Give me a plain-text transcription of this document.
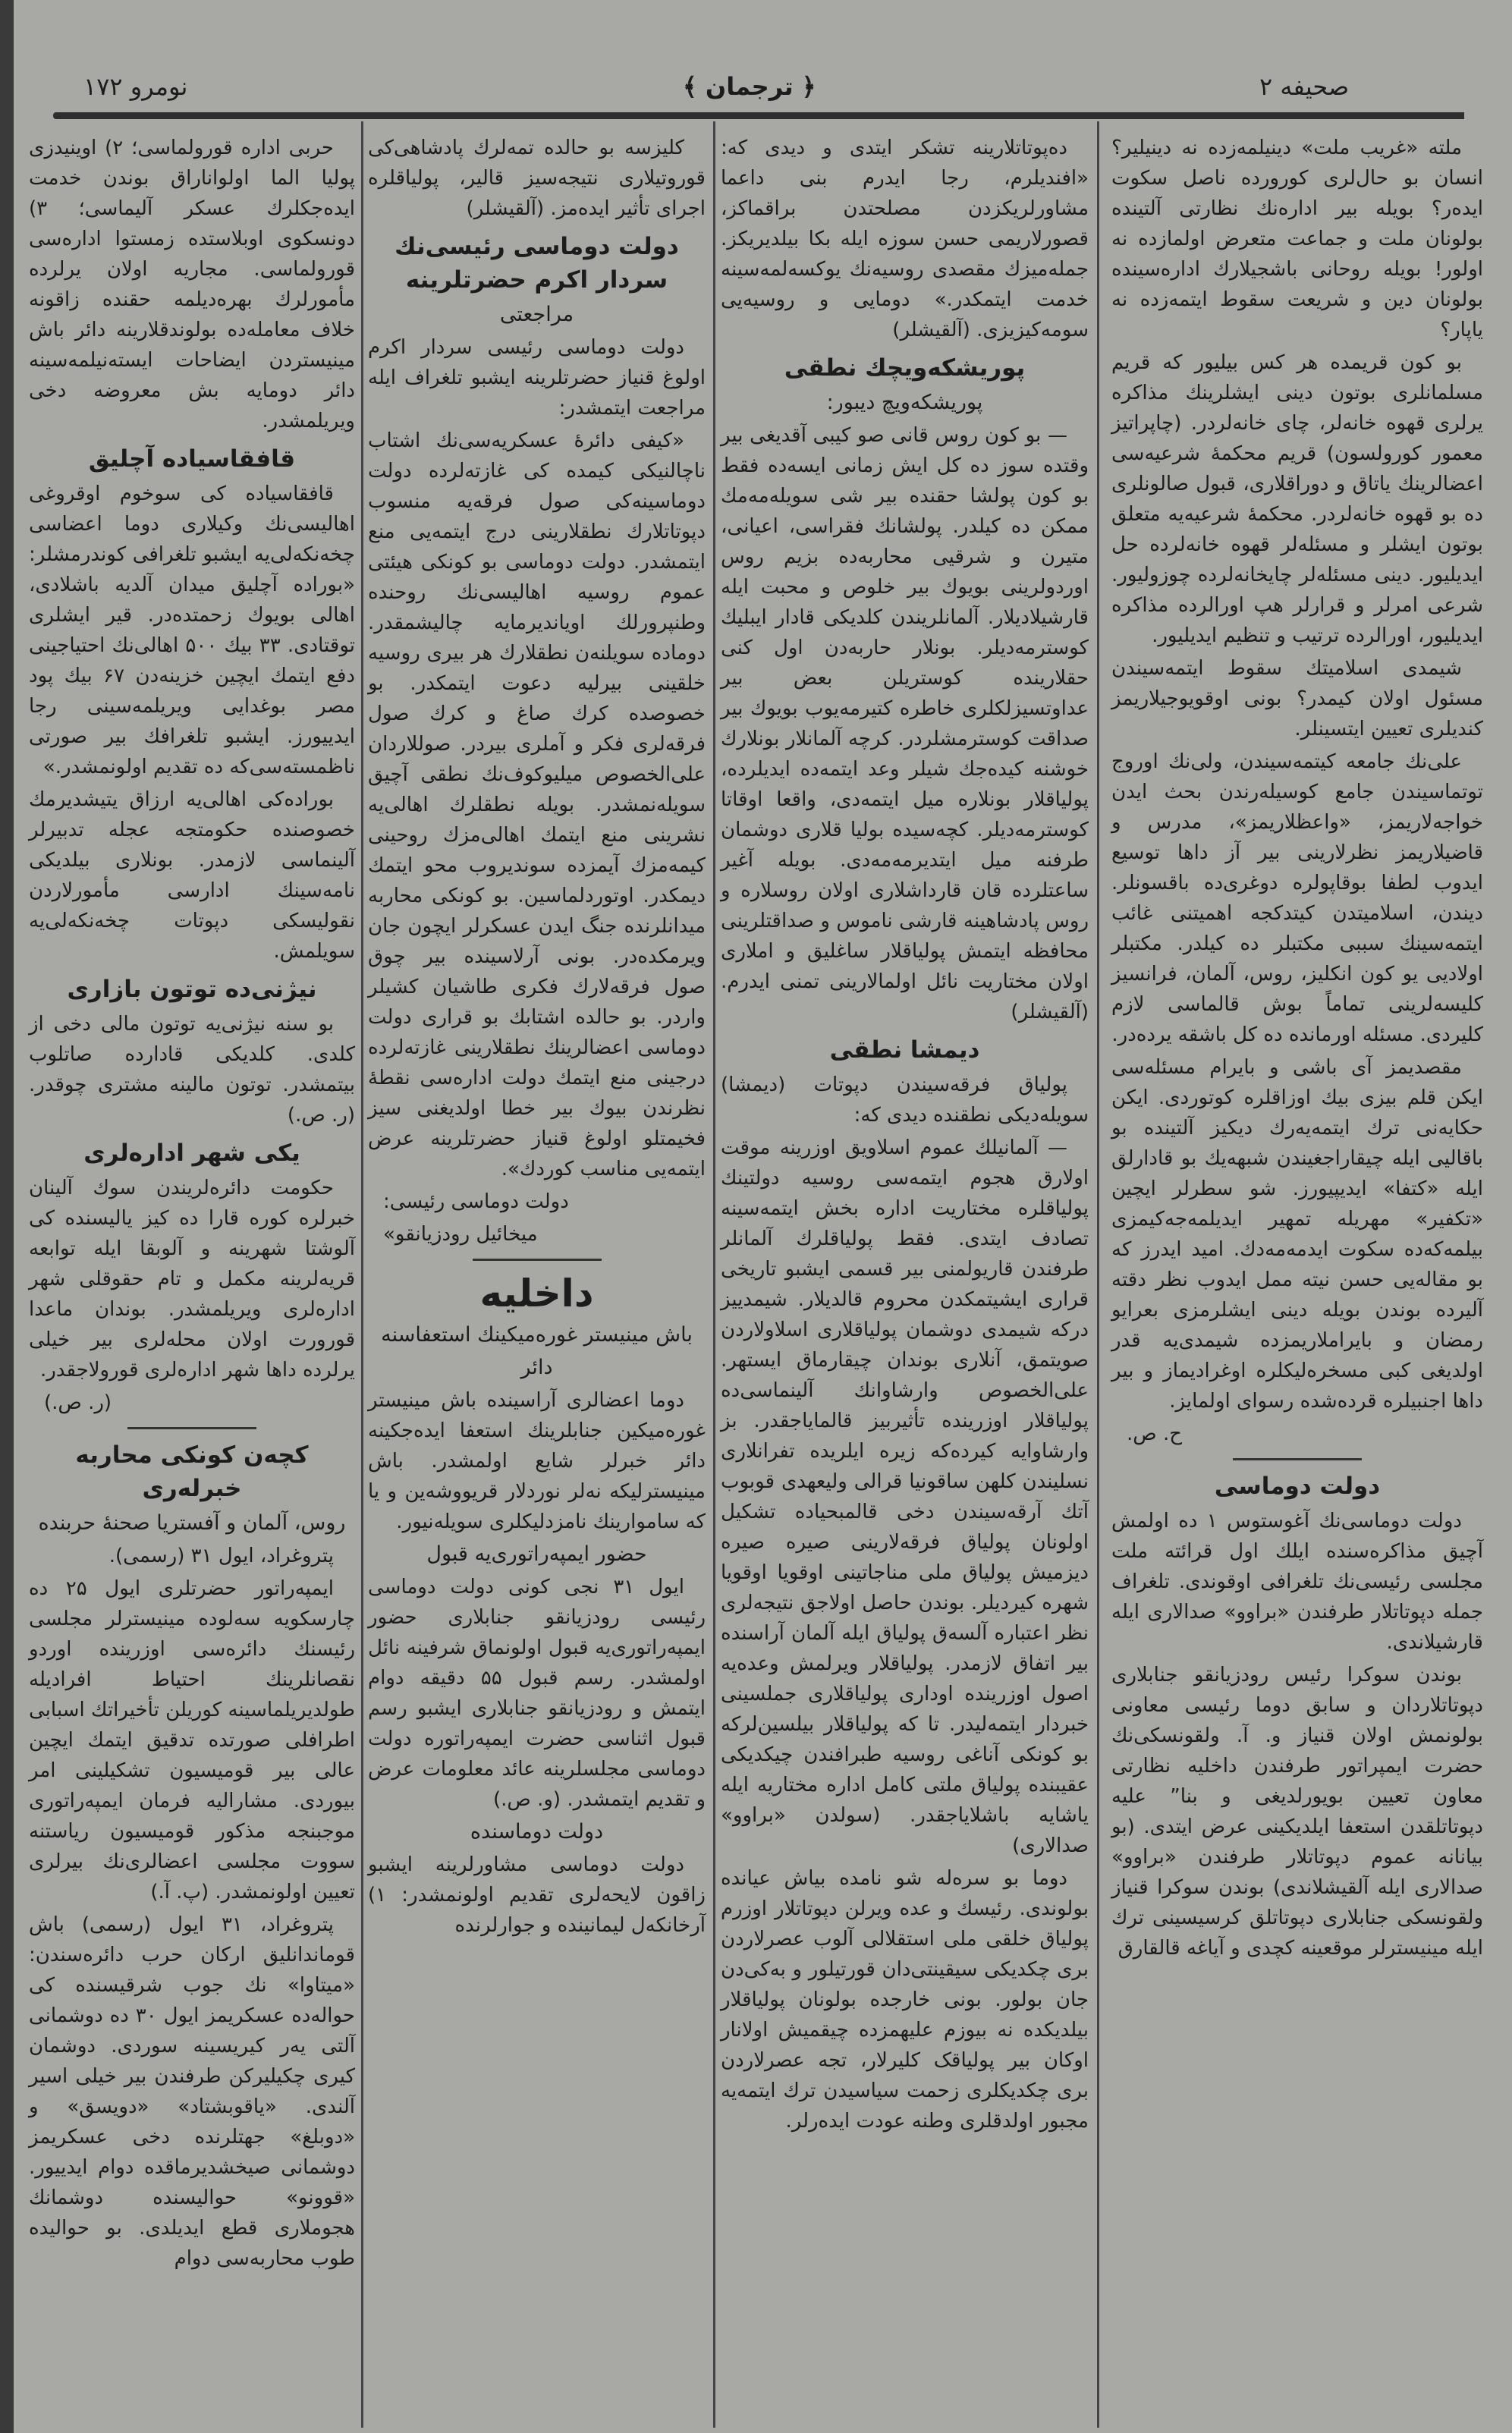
نومرو ۱۷۲	﴿ ترجمان ﴾	صحیفه ۲

ملته «غریب ملت» دینیلمه‌زده نه دینیلیر؟ انسان بو حال‌لری کورورده ناصل سکوت ایده‌ر؟ بویله بیر اداره‌نك نظارتی آلتینده بولونان ملت و جماعت متعرض اولمازده نه اولور! بویله روحانی باشجیلارك اداره‌سینده بولونان دین و شریعت سقوط ایتمه‌زده نه یاپار؟

بو کون قریمده هر کس بیلیور که قریم مسلمانلری بوتون دینی ایشلرینك مذاکره یرلری قهوه خانه‌لر، چای خانه‌لردر. (چاپراتیز معمور کورولسون) قریم محکمهٔ شرعیه‌سی اعضالرینك یاتاق و دوراقلاری، قبول صالونلری ده بو قهوه خانه‌لردر. محکمهٔ شرعیه‌یه متعلق بوتون ایشلر و مسئله‌لر قهوه خانه‌لرده حل ایدیلیور. دینی مسئله‌لر چایخانه‌لرده چوزولیور. شرعی امرلر و قرارلر هپ اورالرده مذاکره ایدیلیور، اورالرده ترتیب و تنظیم ایدیلیور.

شیمدی اسلامیتك سقوط ایتمه‌سیندن مسئول اولان کیمدر؟ بونی اوقویوجیلاریمز کندیلری تعیین ایتسینلر.

علی‌نك جامعه کیتمه‌سیندن، ولی‌نك اوروج توتماسیندن جامع کوسیله‌رندن بحث ایدن خواجه‌لاریمز، «واعظلاریمز»، مدرس و قاضیلاریمز نظرلارینی بیر آز داها توسیع ایدوب لطفا بوقاپولره دوغری‌ده باقسونلر. دیندن، اسلامیتدن کیتدکجه اهمیتنی غائب ایتمه‌سینك سببی مکتبلر ده کیلدر. مکتبلر اولادیی یو کون انکلیز، روس، آلمان، فرانسیز کلیسه‌لرینی تماماً بوش قالماسی لازم کلیردی. مسئله اورمانده ده کل باشقه یرده‌در.

مقصدیمز آی باشی و بایرام مسئله‌سی ایکن قلم بیزی بیك اوزاقلره کوتوردی. ایکن حکایه‌نی ترك ایتمه‌یه‌رك دیکیز آلتینده بو باقالیی ایله چیقاراجغیندن شبهه‌یك بو قادارلق ایله «کتفا» ایدیپیورز. شو سطرلر ایچین «تکفیر» مهریله تمهیر ایدیلمه‌جه‌کیمزی بیلمه‌که‌ده سکوت ایدمه‌مه‌دك. امید ایدرز که بو مقاله‌یی حسن نیته ممل ایدوب نظر دقته آلیرده بوندن بویله دینی ایشلرمزی بعرایو رمضان و بایراملاریمزده شیمدی‌یه قدر اولدیغی کبی مسخره‌لیکلره اوغرادیماز و بیر داها اجنبیلره قرده‌شده رسوای اولمایز.

ح. ص.

دولت دوماسی

دولت دوماسی‌نك آغوستوس ۱ ده اولمش آچیق مذاکره‌سنده ایلك اول قرائته ملت مجلسی رئیسی‌نك تلغرافی اوقوندی. تلغراف جمله دپوتاتلار طرفندن «براوو» صدالاری ایله قارشیلاندی.

بوندن سوکرا رئیس رودزیانقو جنابلاری دپوتاتلاردان و سابق دوما رئیسی معاونی بولونمش اولان قنیاز و. آ. ولقونسکی‌نك حضرت ایمپراتور طرفندن داخلیه نظارتی معاون تعیین بویورلدیغی و بنا” علیه دپوتاتلقدن استعفا ایلدیکینی عرض ایتدی. (بو بیانانه عموم دپوتاتلار طرفندن «براوو» صدالاری ایله آلقیشلاندی) بوندن سوکرا قنیاز ولقونسکی جنابلاری دپوتاتلق کرسیسینی ترك ایله مینیسترلر موقعینه کچدی و آیاغه قالقارق

ده‌پوتاتلارینه تشکر ایتدی و دیدی که: «افندیلرم، رجا ایدرم بنی داعما مشاورلریکزدن مصلحتدن براقماکز، قصورلاریمی حسن سوزه ایله بکا بیلدیریکز. جمله‌میزك مقصدی روسیه‌نك یوکسه‌لمه‌سینه خدمت ایتمکدر.» دومایی و روسیه‌یی سومه‌کیزیزی. (آلقیشلر)

پوریشکه‌ویچك نطقی
پوریشکه‌ویچ دیبور:

— بو کون روس قانی صو کیبی آقدیغی بیر وقتده سوز ده کل ایش زمانی ایسه‌ده فقط بو کون پولشا حقنده بیر شی سویله‌مه‌مك ممکن ده کیلدر. پولشانك فقرا‌سی، اعیانی، متیرن و شرقیی محاربه‌ده بزیم روس اوردولرینی بویوك بیر خلوص و محبت ایله قارشیلادیلار. آلمانلریندن کلدیکی قادار ایبلیك کوسترمه‌دیلر. بونلار حاربه‌دن اول کنی حقلارینده کوستریلن بعض بیر عداوتسیزلکلری خاطره کتیرمه‌یوب بویوك بیر صداقت کوسترمشلردر. کرچه آلمانلار بونلارك خوشنه کیده‌جك شیلر وعد ایتمه‌ده ایدیلرده، پولیاقلار بونلاره میل ایتمه‌دی، واقعا اوقاتا کوسترمه‌دیلر. کچه‌سیده بولیا قلاری دوشمان طرفنه میل ایتدیرمه‌مه‌دی. بویله آغیر ساعتلرده قان قارداشلاری اولان روسلاره و روس پادشاهینه قارشی ناموس و صداقتلرینی محافظه ایتمش پولیاقلار ساغلیق و املاری اولان مختاریت نائل اولمالارینی تمنی ایدرم. (آلقیشلر)

دیمشا نطقی

پولیاق فرقه‌سیندن دپوتات (دیمشا) سویله‌دیکی نطقنده دیدی که:

— آلمانیلك عموم اسلاویق اوزرینه موقت اولارق هجوم ایتمه‌سی روسیه دولتینك پولیاقلره مختاریت اداره بخش ایتمه‌سینه تصادف ایتدی. فقط پولیاقلرك آلمانلر طرفندن قاریولمنی بیر قسمی ایشبو تاریخی قراری ایشیتمکدن محروم قالدیلار. شیمدییز درکه شیمدی دوشمان پولیاقلاری اسلاولاردن صویتمق، آنلاری بوندان چیقارماق ایستهر. علی‌الخصوص وارشاوانك آلینماسی‌ده پولیاقلار اوزرینده تأثیربیز قالمایاجقدر. بز وارشاوایه کیرده‌که زیره ایلریده تفرانلاری نسلیندن کلهن ساقونیا قرالی ولیعهدی قوبوب آتك آرقه‌سیندن دخی قالمبحیاده تشکیل اولونان پولیاق فرقه‌لارینی صیره صیره دیزمیش پولیاق ملی مناجاتینی اوقویا اوقویا شهره کیردیلر. بوندن حاصل اولاجق نتیجه‌لری نظر اعتباره آلسه‌ق پولیاق ایله آلمان آراسنده بیر اتفاق لازمدر. پولیاقلار ویرلمش وعده‌یه اصول اوزرینده اوداری پولیاقلاری جملسینی خبردار ایتمه‌لیدر. تا که پولیاقلار بیلسین‌لرکه بو کونکی آناغی روسیه طبرافندن چیکدیکی عقیبنده پولیاق ملتی کامل اداره مختاریه ایله یاشایه باشلایاجقدر. (سولدن «براوو» صدالاری)

دوما بو سره‌له شو نامده بیاش عیانده بولوندی. رئیسك و عده ویرلن دپوتاتلار اوزرم پولیاق خلقی ملی استقلالی آلوب عصرلاردن بری چکدیکی سیقینتی‌دان قورتیلور و به‌کی‌دن جان بولور. بونی خارجده بولونان پولیاقلار بیلدیکده نه بیوزم عليهمزده چیقمیش اولانار اوكان بیر پولیاقک کلیرلار، تجه عصرلاردن بری چکدیکلری زحمت سیاسیدن ترك ایتمه‌یه مجبور اولدقلری وطنه عودت ایده‌رلر.

کلیزسه بو حالده تمه‌لرك پادشاهی‌کی قورو‌تیلاری نتیجه‌سیز قالیر، پولیاقلره اجرای تأثیر ایده‌مز. (آلقیشلر)

دولت دوماسی رئیسی‌نك سردار اکرم حضرتلرینه
مراجعتی

دولت دوماسی رئیسی سردار اکرم اولوغ قنیاز حضرتلرینه ایشبو تلغراف ایله مراجعت ایتمشدر:

«کیفی دائرهٔ عسکریه‌سی‌نك اشتاب ناچالنیکی کیمده کی غازته‌لرده دولت دوماسینه‌کی صول فرقه‌یه منسوب دپوتاتلارك نطقلارینی درج ایتمه‌یی منع ایتمشدر. دولت دوما‌سی بو کونکی هیئتی عموم روسیه اهالیسی‌نك روحنده وطنپرورلك اویاندیرمایه چالیشمقدر. دوماده سویلنه‌ن نطقلارك هر بیری روسیه خلقینی بیرلیه دعوت ایتمکدر. بو خصوصده کرك صاغ و کرك صول فرقه‌لری فکر و آملری بیردر. صوللاردان علی‌الخصوص میلیوکوف‌نك نطقی آچیق سویله‌نمشدر. بویله نطقلرك اهالی‌یه نشرینی منع ایتمك اهالی‌مزك روحینی کیمه‌مزك آیمزده سوندیروب محو ایتمك دیمکدر. اوتوردلماسین. بو کونکی محاربه میدانلرنده جنگ ایدن عسکرلر ایچون جان ویرمکده‌در. بونی آرلاسینده بیر چوق صول فرقه‌لارك فکری طاشیان کشیلر واردر. بو حالده اشتابك بو قراری دولت دوماسی اعضالرینك نطقلارینی غازته‌لرده درجینی منع ایتمك دولت اداره‌سی نقطهٔ نظرندن بیوك بیر خطا اولدیغنی سیز فخیمتلو اولوغ قنیاز حضرتلرینه عرض ایتمه‌یی مناسب کوردك».

دولت دوماسی رئیسی:

میخائیل رودزیانقو»

داخلیه
باش مینیستر غوره‌میکینك استعفاسنه
دائر

دوما اعضالری آراسینده باش مینیستر غوره‌میکین جنابلرینك استعفا ایده‌جکینه دائر خبرلر شایع اولمشدر. باش مینیسترلیکه نه‌لر نوردلار قریووشه‌ین و یا که ساموارینك نامزدلیکلری سویله‌نیور.

حضور ایمپه‌راتوری‌یه قبول

ایول ۳۱ نجی کونی دولت دوماسی رئیسی رودزیانقو جنابلاری حضور ایمپه‌راتوری‌یه قبول اولونماق شرفینه نائل اولمشدر. رسم قبول ۵۵ دقیقه دوام ایتمش و رودزیانقو جنابلاری ایشبو رسم قبول اثناسی حضرت ایمپه‌راتوره دولت دوماسی مجلسلرینه عائد معلومات عرض و تقدیم ایتمشدر. (و. ص.)

دولت دوماسنده

دولت دوماسی مشاورلرینه ایشبو زاقون لایحه‌لری تقدیم اولونمشدر: ۱) آرخانکه‌ل لیمانینده و جوارلرنده

حربی اداره قورولماسی؛ ۲) اوینیدزی پولیا الما اولواناراق بوندن خدمت ایده‌جکلرك عسکر آلیماسی؛ ۳) دونسکوی اوبلاستده زمستوا اداره‌سی قورولماسی. مجاریه اولان یرلرده مأمورلرك بهره‌دیلمه حقنده زاقونه خلاف معامله‌ده بولوندقلارینه دائر باش مینیستردن ایضاحات ایسته‌نیلمه‌سینه دائر دومایه بش معروضه دخی ویریلمشدر.

قافقاسیاده آچلیق

قافقاسیاده کی سوخوم اوقروغی اهالیسی‌نك وکیلاری دوما اعضاسی چخه‌نکه‌لی‌یه ایشبو تلغرافی کوندرمشلر: «بوراده آچلیق میدان آلدیه باشلادی، اهالی بویوك زحمتده‌در. قیر ایشلری توقتادی. ۳۳ بیك ۵۰۰ اهالی‌نك احتیاجینی دفع ایتمك ایچین خزینه‌دن ۶۷ بیك پود مصر بوغدایی ویریلمه‌سینی رجا ایدییورز. ایشبو تلغرافك بیر صورتی ناظمسته‌سی‌که ده تقدیم اولونمشدر.»

بوراده‌کی اهالی‌یه ارزاق یتیشدیرمك خصوصنده حکومتجه عجله تدبیرلر آلینماسی لازمدر. بونلاری بیلدیکی نامه‌سینك ادارسی مأمورلاردن نقولیسکی دپوتات چخه‌نکه‌لی‌یه سویلمش.

نیژنی‌ده توتون بازاری

بو سنه نیژنی‌یه توتون مالی دخی از کلدی. کلدیکی قادارده صاتلوب بیتمشدر. توتون مالینه مشتری چوقدر. (ر. ص.)

یکی شهر اداره‌لری

حکومت دائره‌لریندن سوك آلینان خبرلره کوره قارا ده کیز یالیسنده کی آلوشتا شهرینه و آلوبقا ایله توابعه قریه‌لرینه مکمل و تام حقوقلی شهر اداره‌لری ویریلمشدر. بوندان ماعدا قورورت اولان محله‌لری بیر خیلی یرلرده داها شهر اداره‌لری قورولاجقدر.

(ر. ص.)

کچه‌ن کونکی محاربه خبرله‌ری
روس، آلمان و آفستریا صحنهٔ حربنده

پتروغراد، ایول ۳۱ (رسمی).

ایمپه‌راتور حضرتلری ایول ۲۵ ده چارسکویه سه‌لوده مینیسترلر مجلسی رئیسنك دائره‌سی اوزرینده اوردو نقصانلرینك احتیاط افرادیله طولدیریلماسینه کوریلن تأخیراتك اسبابی اطرافلی صورتده تدقیق ایتمك ایچین عالی بیر قومیسیون تشکیلینی امر بیوردی. مشارالیه فرمان ایمپه‌راتوری موجبنجه مذکور قومیسیون ریاستنه سووت مجلسی اعضالری‌نك بیرلری تعیین اولونمشدر. (پ. آ.)

پتروغراد، ۳۱ ایول (رسمی) باش قوماندانلیق ارکان حرب دائره‌سندن: «میتاوا» نك جوب شرقیسنده کی حواله‌ده عسکریمز ایول ۳۰ ده دوشمانی آلتی یه‌ر کیریسینه سوردی. دوشمان کیری چکیلیرکن طرفندن بیر خیلی اسیر آلندی. «یاقوبشتاد» «دویسق» و «دوبلغ» جهتلرنده دخی عسکریمز دوشمانی صیخشدیرماقده دوام ایدییور. «قوونو» حوالیسنده دوشمانك هجوملاری قطع ایدیلدی. بو حوالیده طوب محاربه‌سی دوام
